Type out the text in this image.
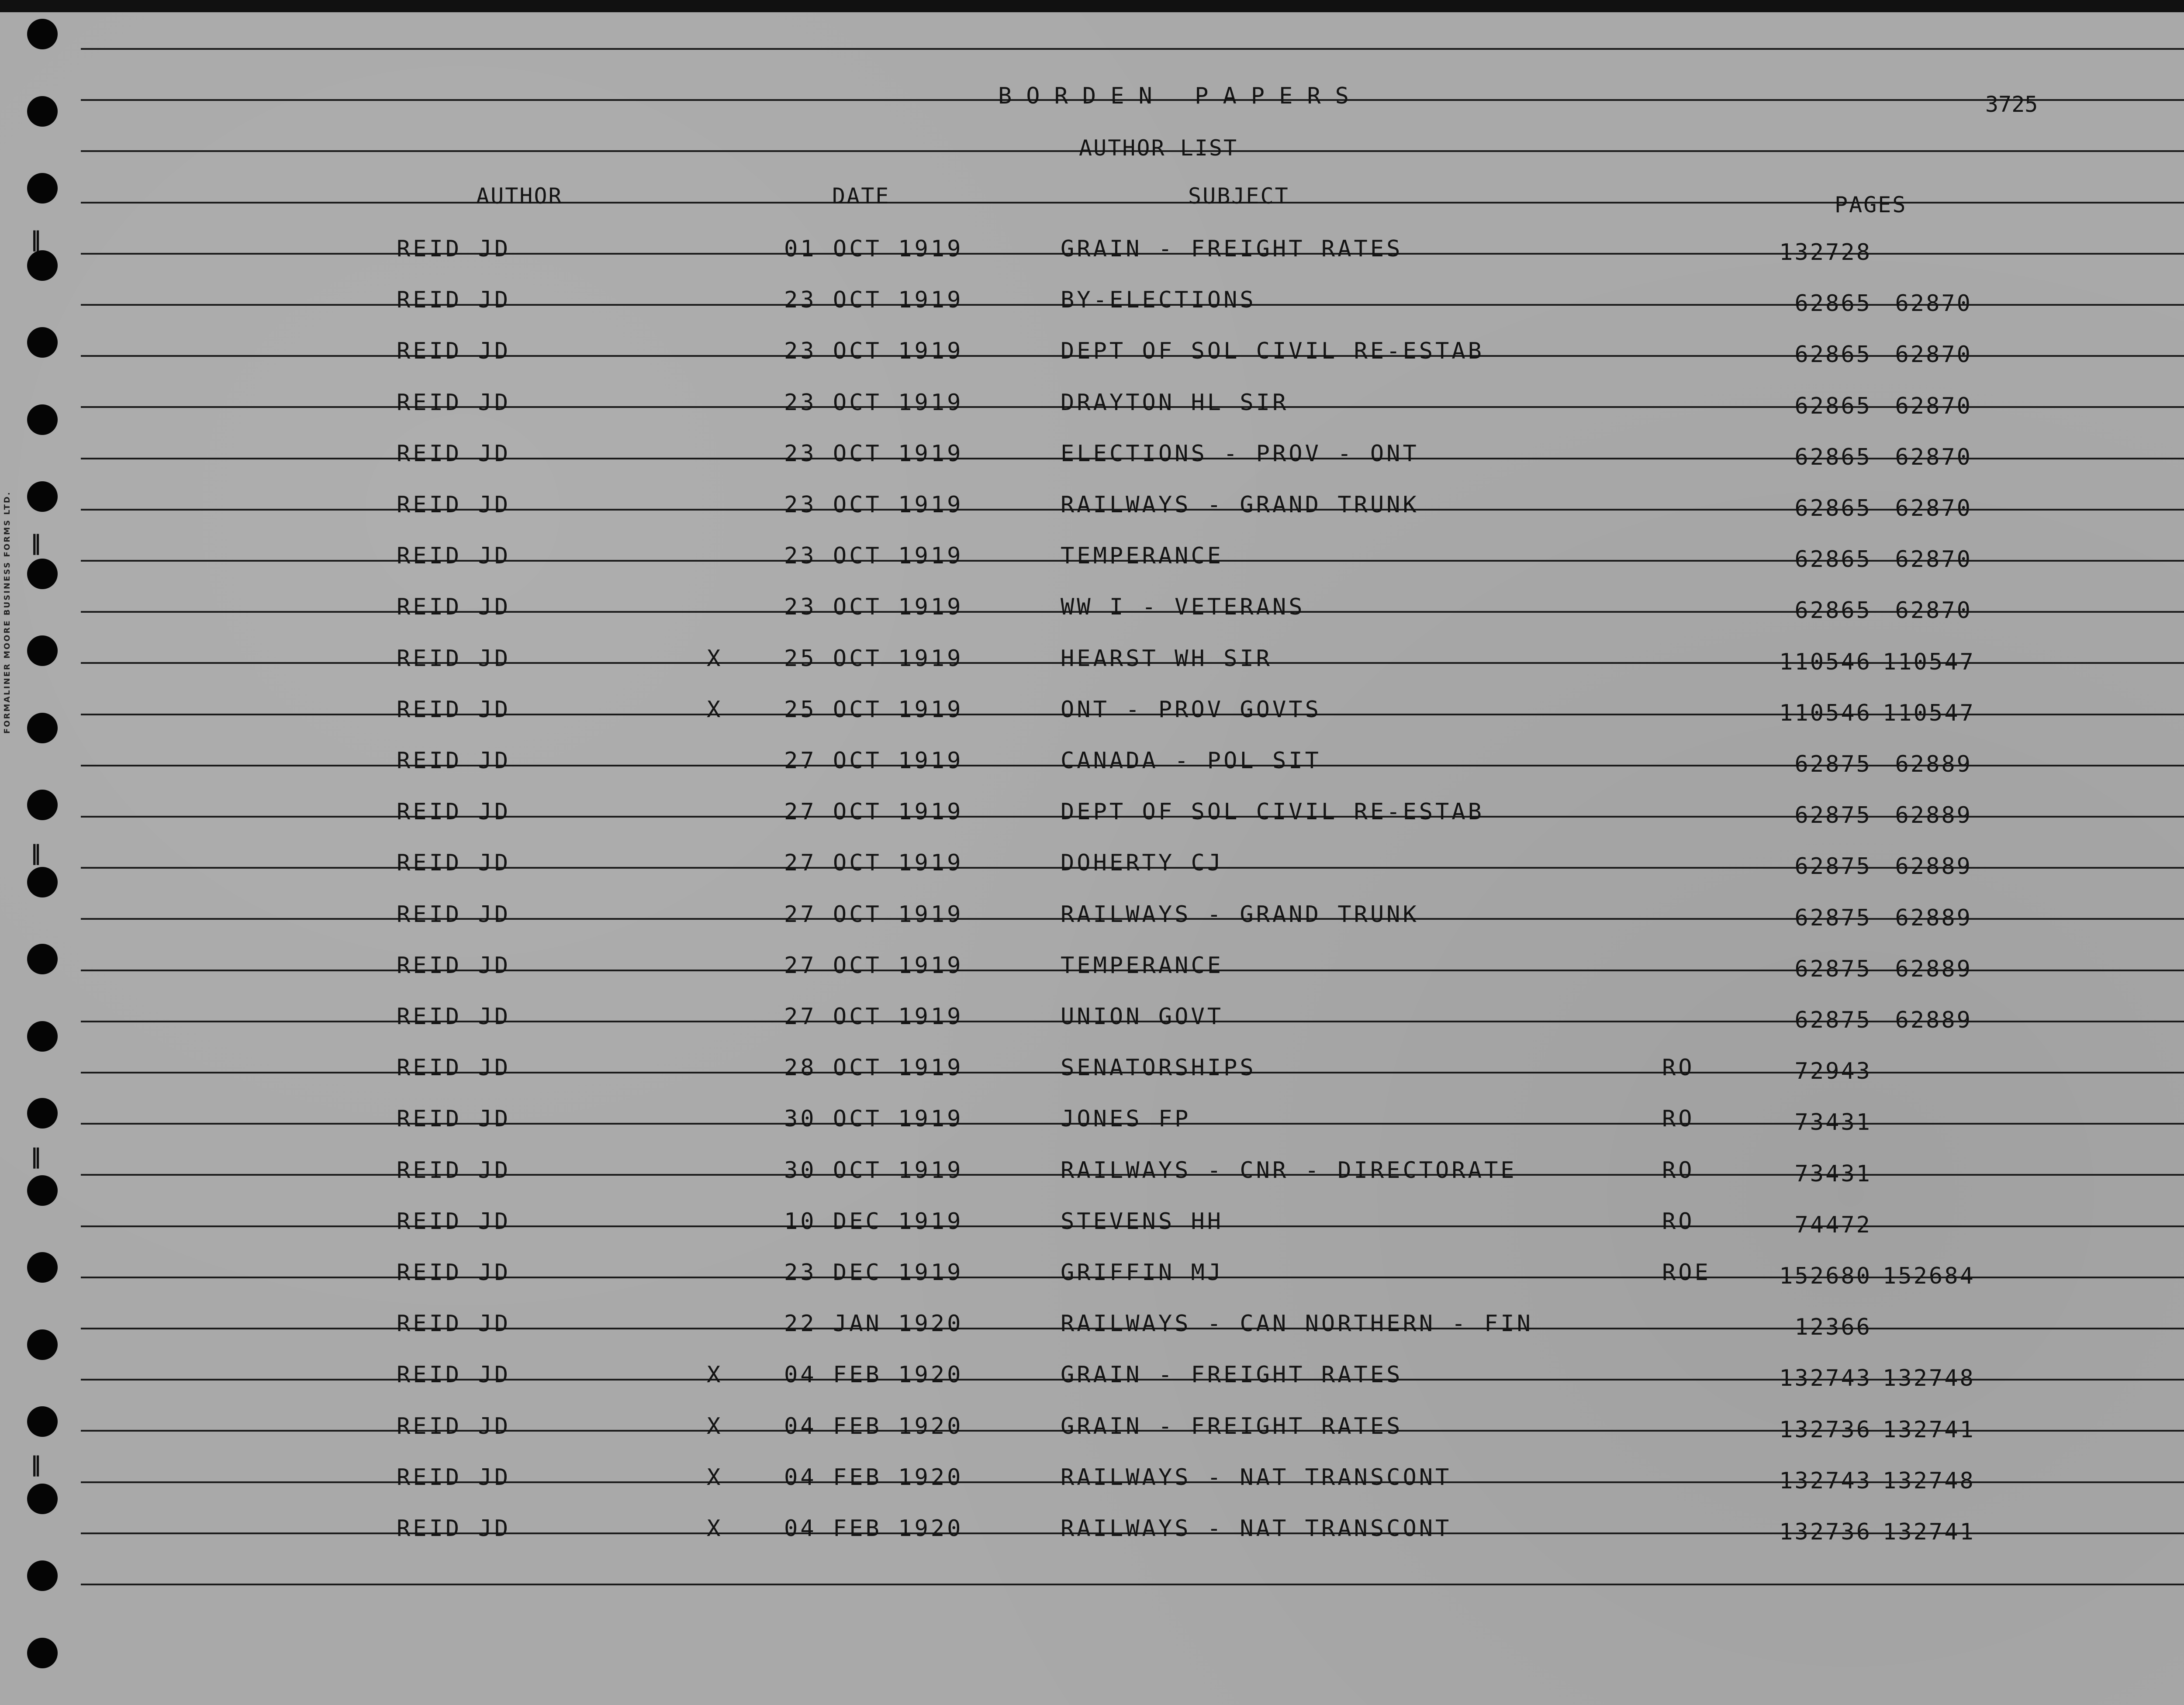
‖
‖
‖
‖
‖
FORMALINER MOORE BUSINESS FORMS LTD.
BORDEN PAPERS	3725
AUTHOR LIST
AUTHOR	DATE	SUBJECT	PAGES
REID JD	01 OCT 1919	GRAIN - FREIGHT RATES	132728
REID JD	23 OCT 1919	BY-ELECTIONS	62865	62870
REID JD	23 OCT 1919	DEPT OF SOL CIVIL RE-ESTAB	62865	62870
REID JD	23 OCT 1919	DRAYTON HL SIR	62865	62870
REID JD	23 OCT 1919	ELECTIONS - PROV - ONT	62865	62870
REID JD	23 OCT 1919	RAILWAYS - GRAND TRUNK	62865	62870
REID JD	23 OCT 1919	TEMPERANCE	62865	62870
REID JD	23 OCT 1919	WW I - VETERANS	62865	62870
REID JD	X	25 OCT 1919	HEARST WH SIR	110546 110547
REID JD	X	25 OCT 1919	ONT - PROV GOVTS	110546 110547
REID JD	27 OCT 1919	CANADA - POL SIT	62875	62889
REID JD	27 OCT 1919	DEPT OF SOL CIVIL RE-ESTAB	62875	62889
REID JD	27 OCT 1919	DOHERTY CJ	62875	62889
REID JD	27 OCT 1919	RAILWAYS - GRAND TRUNK	62875	62889
REID JD	27 OCT 1919	TEMPERANCE	62875	62889
REID JD	27 OCT 1919	UNION GOVT	62875	62889
REID JD	28 OCT 1919	SENATORSHIPS	RO	72943
REID JD	30 OCT 1919	JONES FP	RO	73431
REID JD	30 OCT 1919	RAILWAYS - CNR - DIRECTORATE	RO	73431
REID JD	10 DEC 1919	STEVENS HH	RO	74472
REID JD	23 DEC 1919	GRIFFIN MJ	ROE	152680 152684
REID JD	22 JAN 1920	RAILWAYS - CAN NORTHERN - FIN	12366
REID JD	X	04 FEB 1920	GRAIN - FREIGHT RATES	132743 132748
REID JD	X	04 FEB 1920	GRAIN - FREIGHT RATES	132736 132741
REID JD	X	04 FEB 1920	RAILWAYS - NAT TRANSCONT	132743 132748
REID JD	X	04 FEB 1920	RAILWAYS - NAT TRANSCONT	132736 132741
